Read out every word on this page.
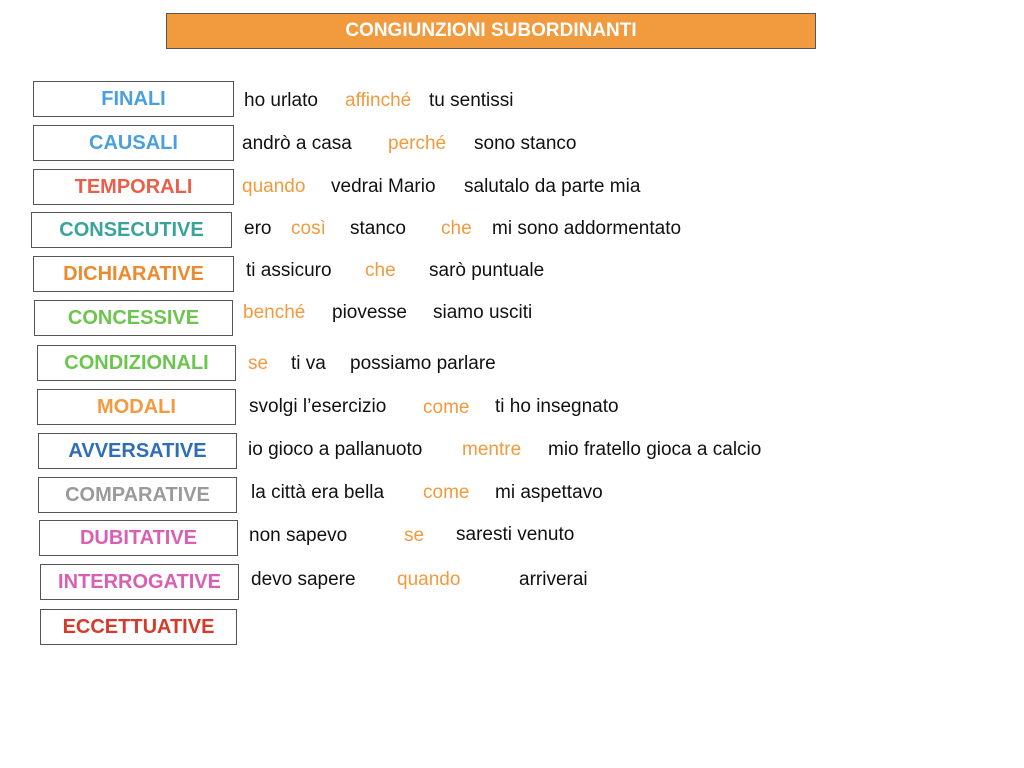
CONGIUNZIONI SUBORDINANTI
FINALI	ho urlato affinché tu sentissi
CAUSALI	andrò a casa perché sono stanco
TEMPORALI	quando vedrai Mario salutalo da parte mia
CONSECUTIVE	ero così stanco che mi sono addormentato
DICHIARATIVE	ti assicuro che sarò puntuale
CONCESSIVE	benché piovesse siamo usciti
CONDIZIONALI	se ti va possiamo parlare
MODALI	svolgi l’esercizio come ti ho insegnato
AVVERSATIVE	io gioco a pallanuoto mentre mio fratello gioca a calcio
COMPARATIVE	la città era bella come mi aspettavo
DUBITATIVE	non sapevo	se saresti venuto
INTERROGATIVE	devo sapere quando	arriverai
ECCETTUATIVE
